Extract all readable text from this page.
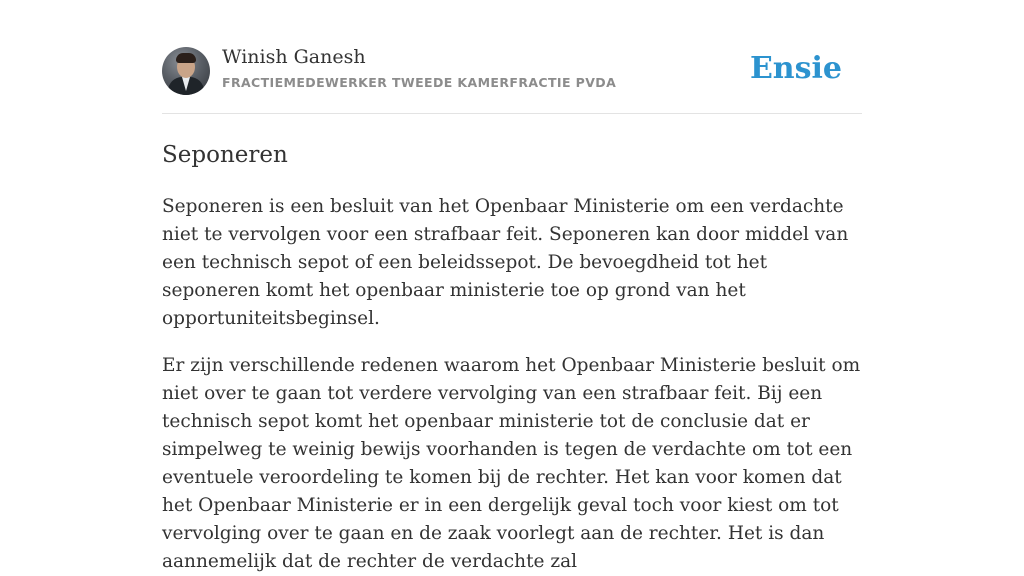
Winish Ganesh
FRACTIEMEDEWERKER TWEEDE KAMERFRACTIE PVDA	Ensie
Seponeren

Seponeren is een besluit van het Openbaar Ministerie om een verdachte niet te vervolgen voor een strafbaar feit. Seponeren kan door middel van een technisch sepot of een beleidssepot. De bevoegdheid tot het seponeren komt het openbaar ministerie toe op grond van het opportuniteitsbeginsel.

Er zijn verschillende redenen waarom het Openbaar Ministerie besluit om niet over te gaan tot verdere vervolging van een strafbaar feit. Bij een technisch sepot komt het openbaar ministerie tot de conclusie dat er simpelweg te weinig bewijs voorhanden is tegen de verdachte om tot een eventuele veroordeling te komen bij de rechter. Het kan voor komen dat het Openbaar Ministerie er in een dergelijk geval toch voor kiest om tot vervolging over te gaan en de zaak voorlegt aan de rechter. Het is dan aannemelijk dat de rechter de verdachte zal
